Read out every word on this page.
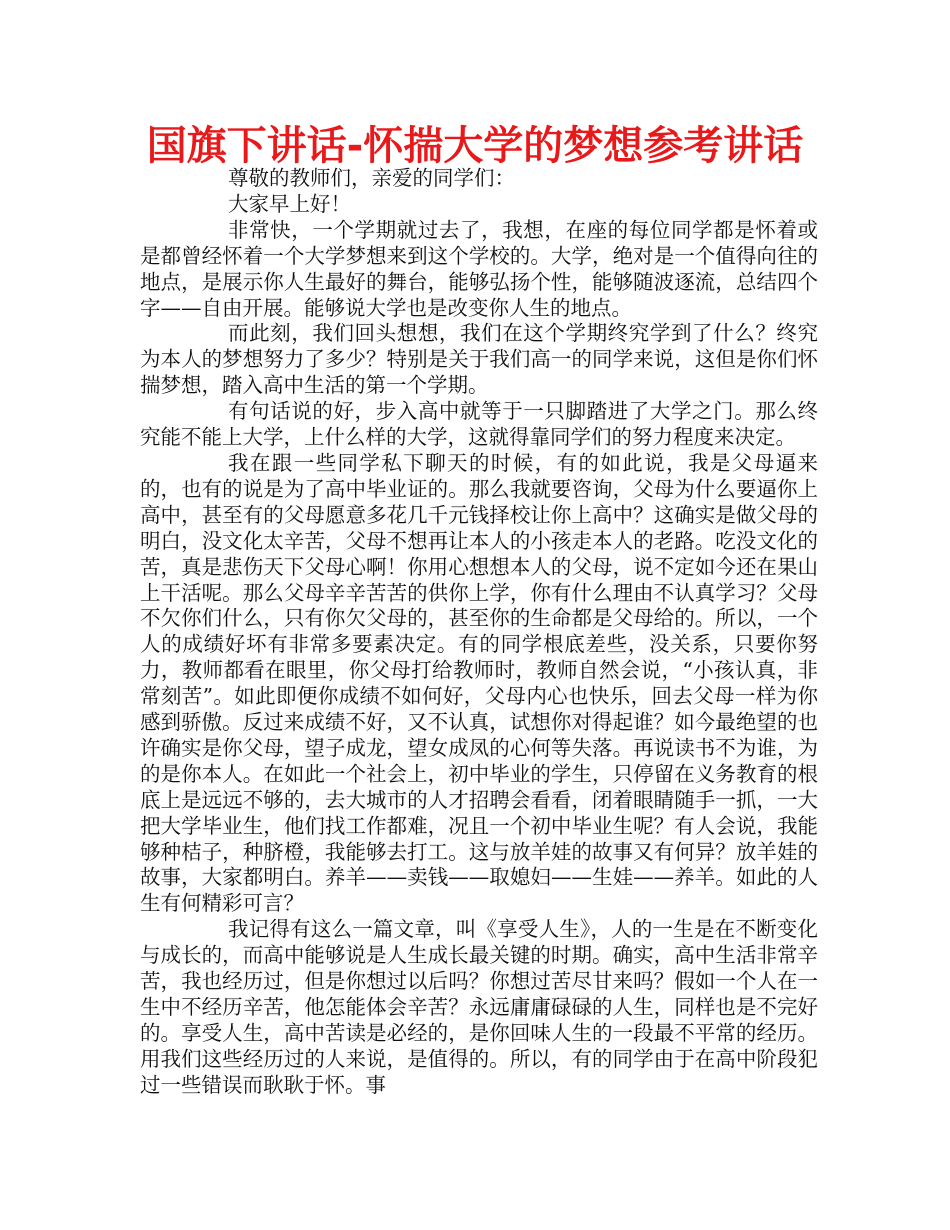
国旗下讲话-怀揣大学的梦想参考讲话

尊敬的教师们，亲爱的同学们：

大家早上好！

非常快，一个学期就过去了，我想，在座的每位同学都是怀着或是都曾经怀着一个大学梦想来到这个学校的。大学，绝对是一个值得向往的地点，是展示你人生最好的舞台，能够弘扬个性，能够随波逐流，总结四个字——自由开展。能够说大学也是改变你人生的地点。

而此刻，我们回头想想，我们在这个学期终究学到了什么？终究为本人的梦想努力了多少？特别是关于我们高一的同学来说，这但是你们怀揣梦想，踏入高中生活的第一个学期。

有句话说的好，步入高中就等于一只脚踏进了大学之门。那么终究能不能上大学，上什么样的大学，这就得靠同学们的努力程度来决定。

我在跟一些同学私下聊天的时候，有的如此说，我是父母逼来的，也有的说是为了高中毕业证的。那么我就要咨询，父母为什么要逼你上高中，甚至有的父母愿意多花几千元钱择校让你上高中？这确实是做父母的明白，没文化太辛苦，父母不想再让本人的小孩走本人的老路。吃没文化的苦，真是悲伤天下父母心啊！你用心想想本人的父母，说不定如今还在果山上干活呢。那么父母辛辛苦苦的供你上学，你有什么理由不认真学习？父母不欠你们什么，只有你欠父母的，甚至你的生命都是父母给的。所以，一个人的成绩好坏有非常多要素决定。有的同学根底差些，没关系，只要你努力，教师都看在眼里，你父母打给教师时，教师自然会说，“小孩认真，非常刻苦”。如此即便你成绩不如何好，父母内心也快乐，回去父母一样为你感到骄傲。反过来成绩不好，又不认真，试想你对得起谁？如今最绝望的也许确实是你父母，望子成龙，望女成凤的心何等失落。再说读书不为谁，为的是你本人。在如此一个社会上，初中毕业的学生，只停留在义务教育的根底上是远远不够的，去大城市的人才招聘会看看，闭着眼睛随手一抓，一大把大学毕业生，他们找工作都难，况且一个初中毕业生呢？有人会说，我能够种桔子，种脐橙，我能够去打工。这与放羊娃的故事又有何异？放羊娃的故事，大家都明白。养羊——卖钱——取媳妇——生娃——养羊。如此的人生有何精彩可言？

我记得有这么一篇文章，叫《享受人生》，人的一生是在不断变化与成长的，而高中能够说是人生成长最关键的时期。确实，高中生活非常辛苦，我也经历过，但是你想过以后吗？你想过苦尽甘来吗？假如一个人在一生中不经历辛苦，他怎能体会辛苦？永远庸庸碌碌的人生，同样也是不完好的。享受人生，高中苦读是必经的，是你回味人生的一段最不平常的经历。用我们这些经历过的人来说，是值得的。所以，有的同学由于在高中阶段犯过一些错误而耿耿于怀。事
